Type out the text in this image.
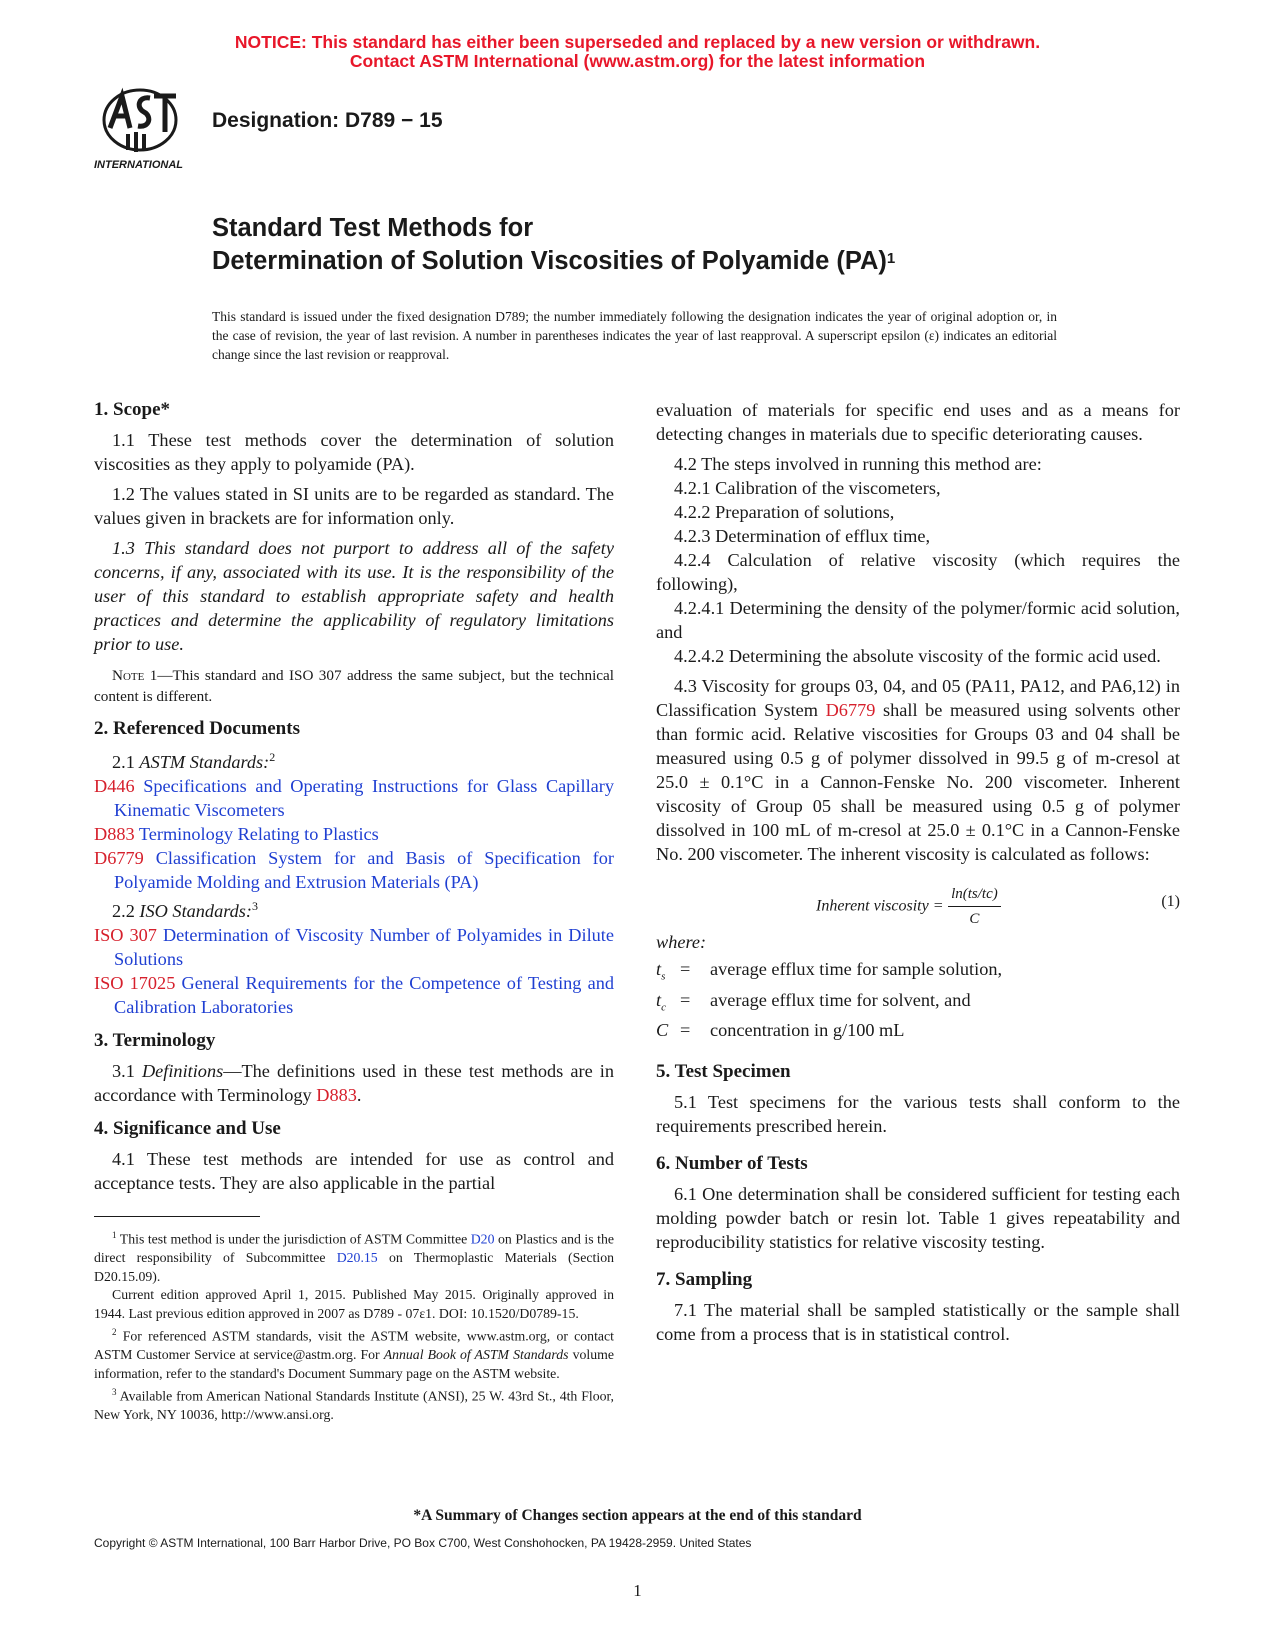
NOTICE: This standard has either been superseded and replaced by a new version or withdrawn.
Contact ASTM International (www.astm.org) for the latest information
INTERNATIONAL
Designation: D789 − 15
Standard Test Methods for
Determination of Solution Viscosities of Polyamide (PA)$^1$
This standard is issued under the fixed designation D789; the number immediately following the designation indicates the year of original adoption or, in the case of revision, the year of last revision. A number in parentheses indicates the year of last reapproval. A superscript epsilon (ε) indicates an editorial change since the last revision or reapproval.

1. Scope*

1.1 These test methods cover the determination of solution viscosities as they apply to polyamide (PA).

1.2 The values stated in SI units are to be regarded as standard. The values given in brackets are for information only.

1.3 This standard does not purport to address all of the safety concerns, if any, associated with its use. It is the responsibility of the user of this standard to establish appropriate safety and health practices and determine the applicability of regulatory limitations prior to use.

Note 1—This standard and ISO 307 address the same subject, but the technical content is different.

2. Referenced Documents

2.1 ASTM Standards:$^2$

D446 Specifications and Operating Instructions for Glass Capillary Kinematic Viscometers

D883 Terminology Relating to Plastics

D6779 Classification System for and Basis of Specification for Polyamide Molding and Extrusion Materials (PA)

2.2 ISO Standards:$^3$

ISO 307 Determination of Viscosity Number of Polyamides in Dilute Solutions

ISO 17025 General Requirements for the Competence of Testing and Calibration Laboratories

3. Terminology

3.1 Definitions—The definitions used in these test methods are in accordance with Terminology D883.

4. Significance and Use

4.1 These test methods are intended for use as control and acceptance tests. They are also applicable in the partial

$^1$ This test method is under the jurisdiction of ASTM Committee D20 on Plastics and is the direct responsibility of Subcommittee D20.15 on Thermoplastic Materials (Section D20.15.09).

Current edition approved April 1, 2015. Published May 2015. Originally approved in 1944. Last previous edition approved in 2007 as D789 - 07ε1. DOI: 10.1520/D0789-15.

$^2$ For referenced ASTM standards, visit the ASTM website, www.astm.org, or contact ASTM Customer Service at service@astm.org. For Annual Book of ASTM Standards volume information, refer to the standard's Document Summary page on the ASTM website.

$^3$ Available from American National Standards Institute (ANSI), 25 W. 43rd St., 4th Floor, New York, NY 10036, http://www.ansi.org.

evaluation of materials for specific end uses and as a means for detecting changes in materials due to specific deteriorating causes.

4.2 The steps involved in running this method are:

4.2.1 Calibration of the viscometers,

4.2.2 Preparation of solutions,

4.2.3 Determination of efflux time,

4.2.4 Calculation of relative viscosity (which requires the following),

4.2.4.1 Determining the density of the polymer/formic acid solution, and

4.2.4.2 Determining the absolute viscosity of the formic acid used.

4.3 Viscosity for groups 03, 04, and 05 (PA11, PA12, and PA6,12) in Classification System D6779 shall be measured using solvents other than formic acid. Relative viscosities for Groups 03 and 04 shall be measured using 0.5 g of polymer dissolved in 99.5 g of m-cresol at 25.0 ± 0.1°C in a Cannon-Fenske No. 200 viscometer. Inherent viscosity of Group 05 shall be measured using 0.5 g of polymer dissolved in 100 mL of m-cresol at 25.0 ± 0.1°C in a Cannon-Fenske No. 200 viscometer. The inherent viscosity is calculated as follows:

Inherent viscosity = $\frac{\ln(ts/tc)}{C}$	(1)

where:

$t_s$	=	average efflux time for sample solution,
$t_c$	=	average efflux time for solvent, and
C	=	concentration in g/100 mL

5. Test Specimen

5.1 Test specimens for the various tests shall conform to the requirements prescribed herein.

6. Number of Tests

6.1 One determination shall be considered sufficient for testing each molding powder batch or resin lot. Table 1 gives repeatability and reproducibility statistics for relative viscosity testing.

7. Sampling

7.1 The material shall be sampled statistically or the sample shall come from a process that is in statistical control.

*A Summary of Changes section appears at the end of this standard
Copyright © ASTM International, 100 Barr Harbor Drive, PO Box C700, West Conshohocken, PA 19428-2959. United States
1
